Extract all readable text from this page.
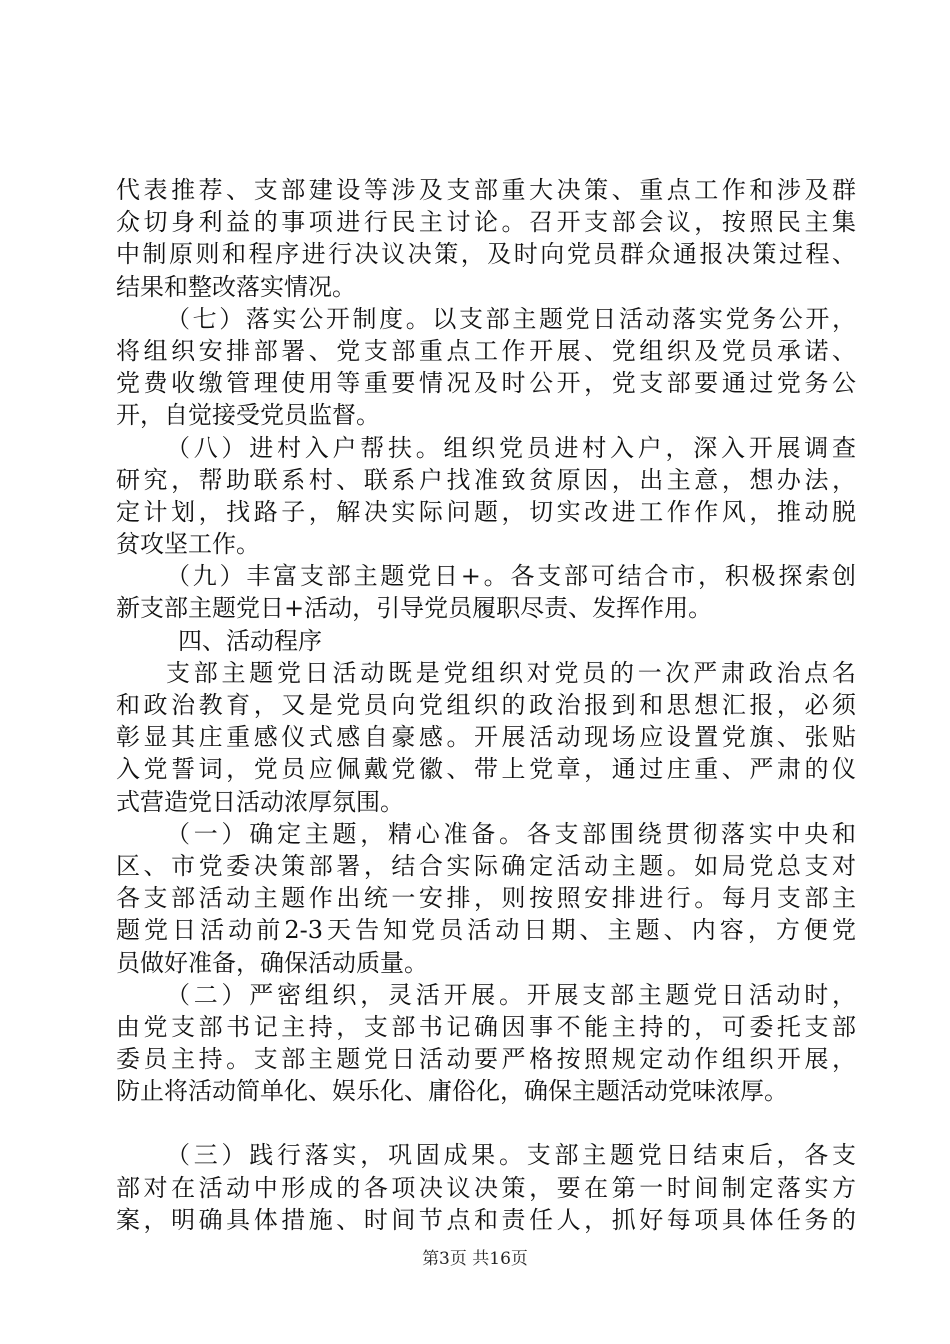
代表推荐、支部建设等涉及支部重大决策、重点工作和涉及群
众切身利益的事项进行民主讨论。召开支部会议，按照民主集
中制原则和程序进行决议决策，及时向党员群众通报决策过程、
结果和整改落实情况。
（七）落实公开制度。以支部主题党日活动落实党务公开，
将组织安排部署、党支部重点工作开展、党组织及党员承诺、
党费收缴管理使用等重要情况及时公开，党支部要通过党务公
开，自觉接受党员监督。
（八）进村入户帮扶。组织党员进村入户，深入开展调查
研究，帮助联系村、联系户找准致贫原因，出主意，想办法，
定计划，找路子，解决实际问题，切实改进工作作风，推动脱
贫攻坚工作。
（九）丰富支部主题党日+。各支部可结合市，积极探索创
新支部主题党日+活动，引导党员履职尽责、发挥作用。
四、活动程序
支部主题党日活动既是党组织对党员的一次严肃政治点名
和政治教育，又是党员向党组织的政治报到和思想汇报，必须
彰显其庄重感仪式感自豪感。开展活动现场应设置党旗、张贴
入党誓词，党员应佩戴党徽、带上党章，通过庄重、严肃的仪
式营造党日活动浓厚氛围。
（一）确定主题，精心准备。各支部围绕贯彻落实中央和
区、市党委决策部署，结合实际确定活动主题。如局党总支对
各支部活动主题作出统一安排，则按照安排进行。每月支部主
题党日活动前2-3天告知党员活动日期、主题、内容，方便党
员做好准备，确保活动质量。
（二）严密组织，灵活开展。开展支部主题党日活动时，
由党支部书记主持，支部书记确因事不能主持的，可委托支部
委员主持。支部主题党日活动要严格按照规定动作组织开展，
防止将活动简单化、娱乐化、庸俗化，确保主题活动党味浓厚。
（三）践行落实，巩固成果。支部主题党日结束后，各支
部对在活动中形成的各项决议决策，要在第一时间制定落实方
案，明确具体措施、时间节点和责任人，抓好每项具体任务的
第3页 共16页
